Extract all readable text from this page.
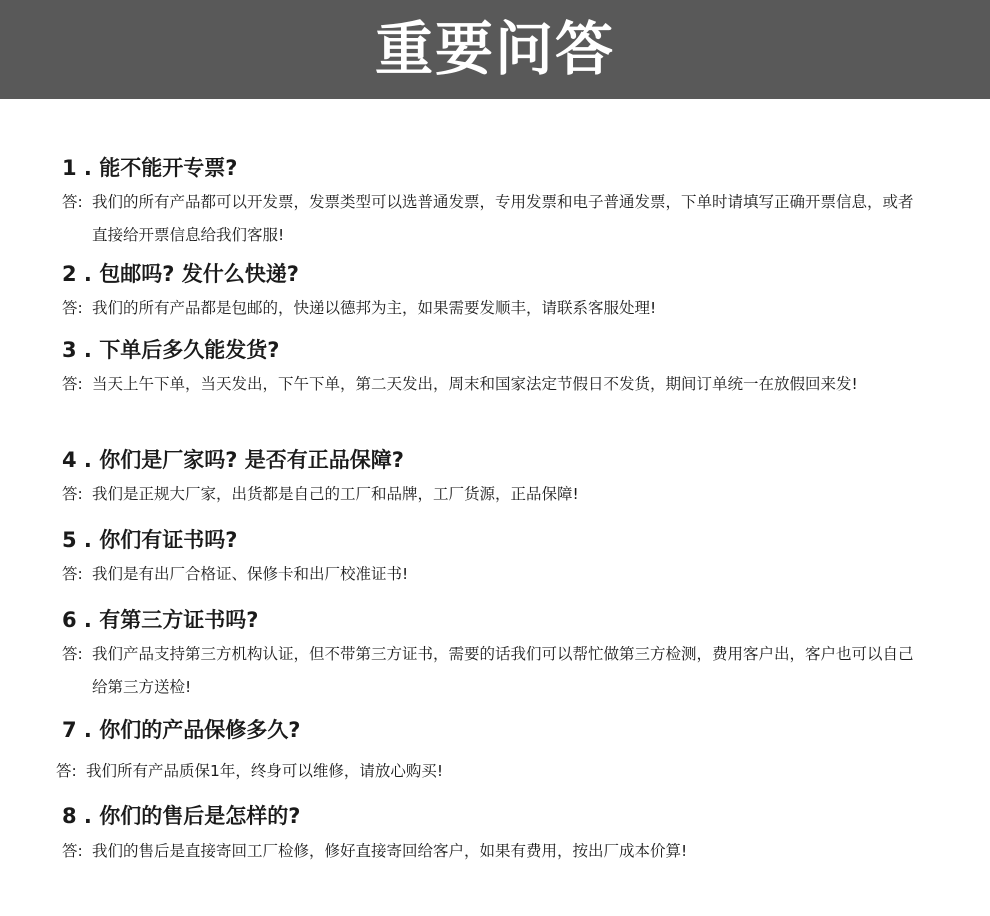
重要问答
1 . 能不能开专票?
答: 我们的所有产品都可以开发票，发票类型可以选普通发票，专用发票和电子普通发票，下单时请填写正确开票信息，或者直接给开票信息给我们客服!
2 . 包邮吗? 发什么快递?
答: 我们的所有产品都是包邮的，快递以德邦为主，如果需要发顺丰，请联系客服处理!
3 . 下单后多久能发货?
答: 当天上午下单，当天发出，下午下单，第二天发出，周末和国家法定节假日不发货，期间订单统一在放假回来发!
4 . 你们是厂家吗? 是否有正品保障?
答: 我们是正规大厂家，出货都是自己的工厂和品牌，工厂货源，正品保障!
5 . 你们有证书吗?
答: 我们是有出厂合格证、保修卡和出厂校准证书!
6 . 有第三方证书吗?
答: 我们产品支持第三方机构认证，但不带第三方证书，需要的话我们可以帮忙做第三方检测，费用客户出，客户也可以自己给第三方送检!
7 . 你们的产品保修多久?
答: 我们所有产品质保1年，终身可以维修，请放心购买!
8 . 你们的售后是怎样的?
答: 我们的售后是直接寄回工厂检修，修好直接寄回给客户，如果有费用，按出厂成本价算!
